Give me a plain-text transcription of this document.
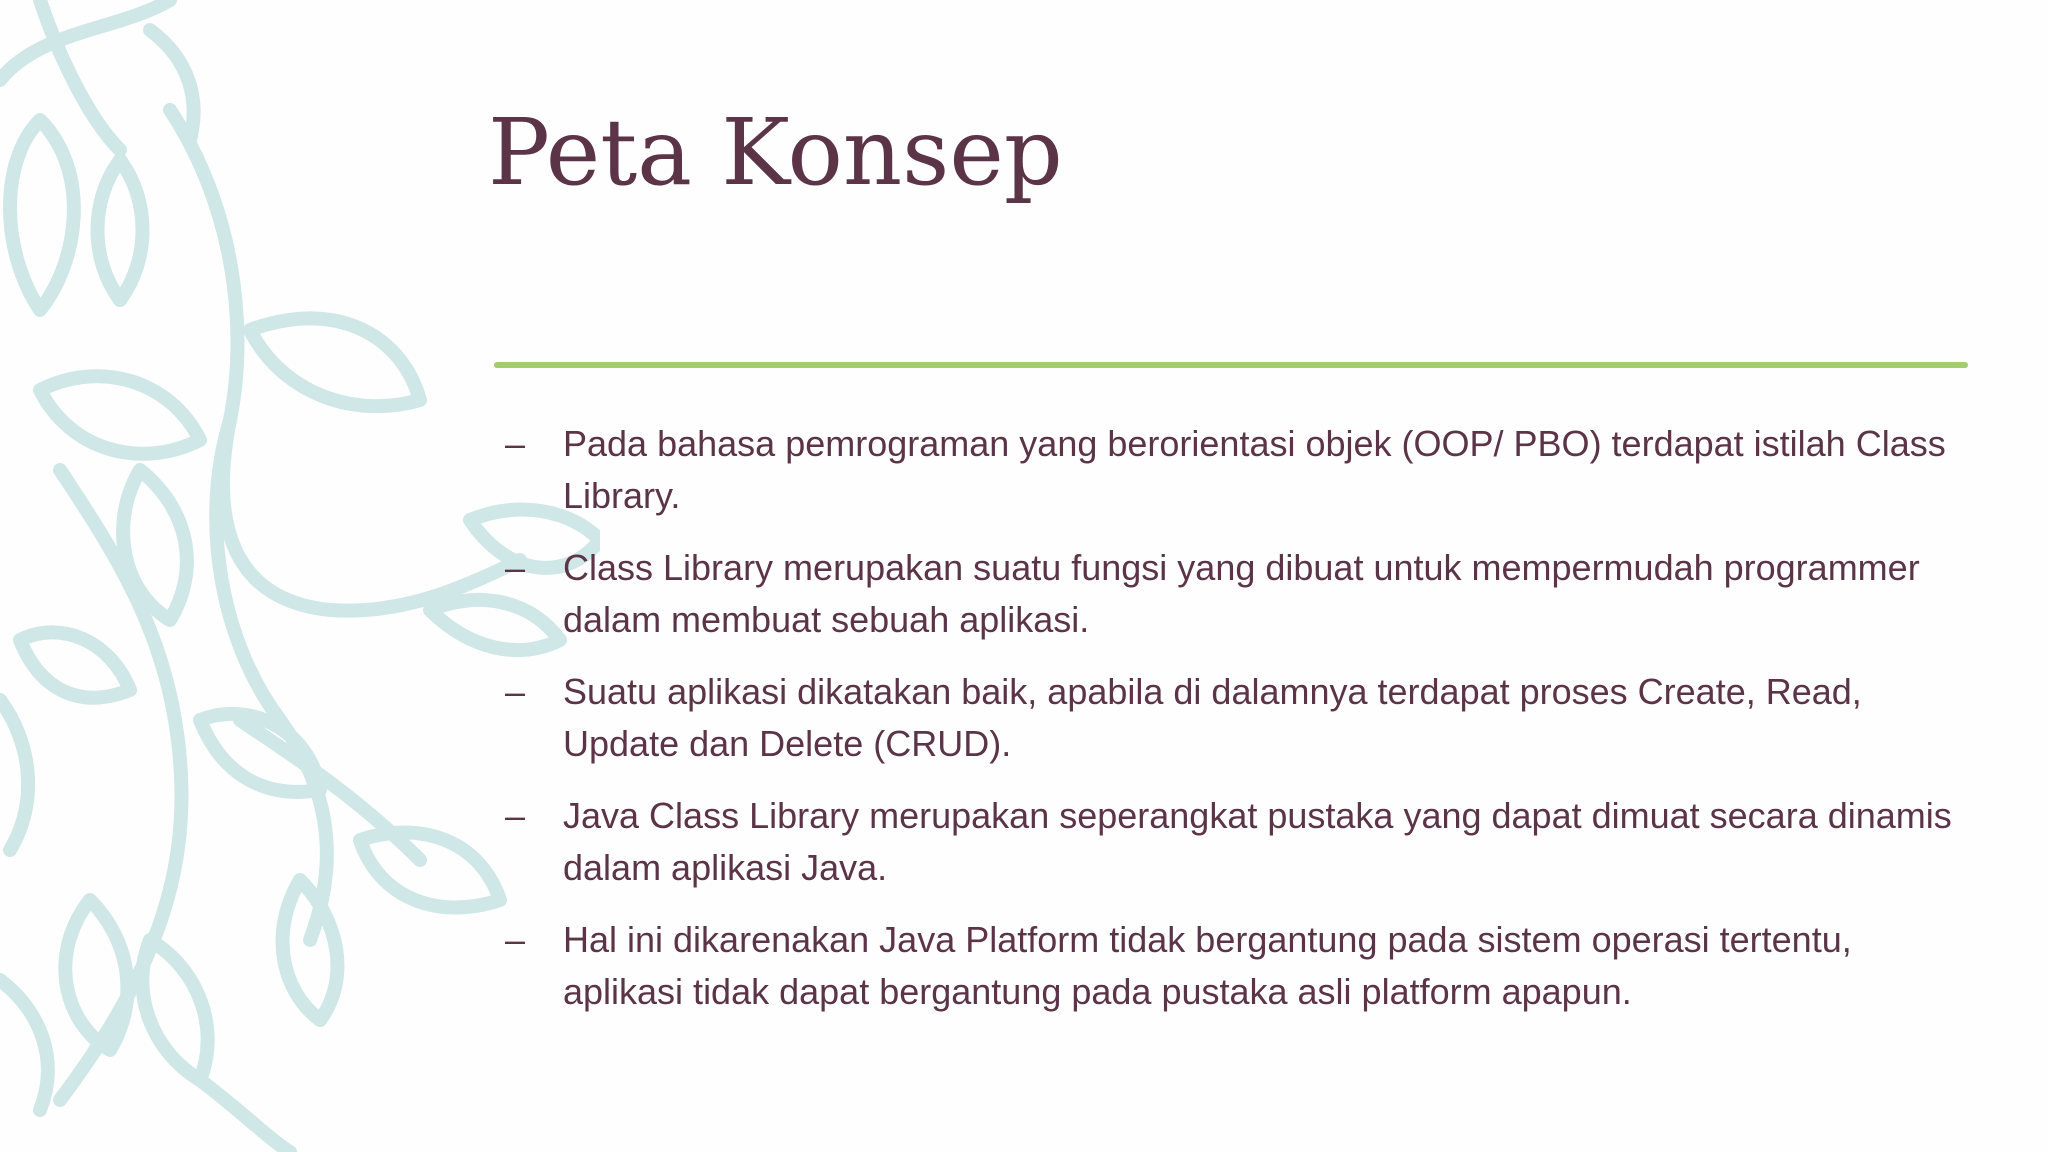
Peta Konsep
–	Pada bahasa pemrograman yang berorientasi objek (OOP/ PBO) terdapat istilah Class Library.
–	Class Library merupakan suatu fungsi yang dibuat untuk mempermudah programmer dalam membuat sebuah aplikasi.
–	Suatu aplikasi dikatakan baik, apabila di dalamnya terdapat proses Create, Read, Update dan Delete (CRUD).
–	Java Class Library merupakan seperangkat pustaka yang dapat dimuat secara dinamis dalam aplikasi Java.
–	Hal ini dikarenakan Java Platform tidak bergantung pada sistem operasi tertentu, aplikasi tidak dapat bergantung pada pustaka asli platform apapun.
